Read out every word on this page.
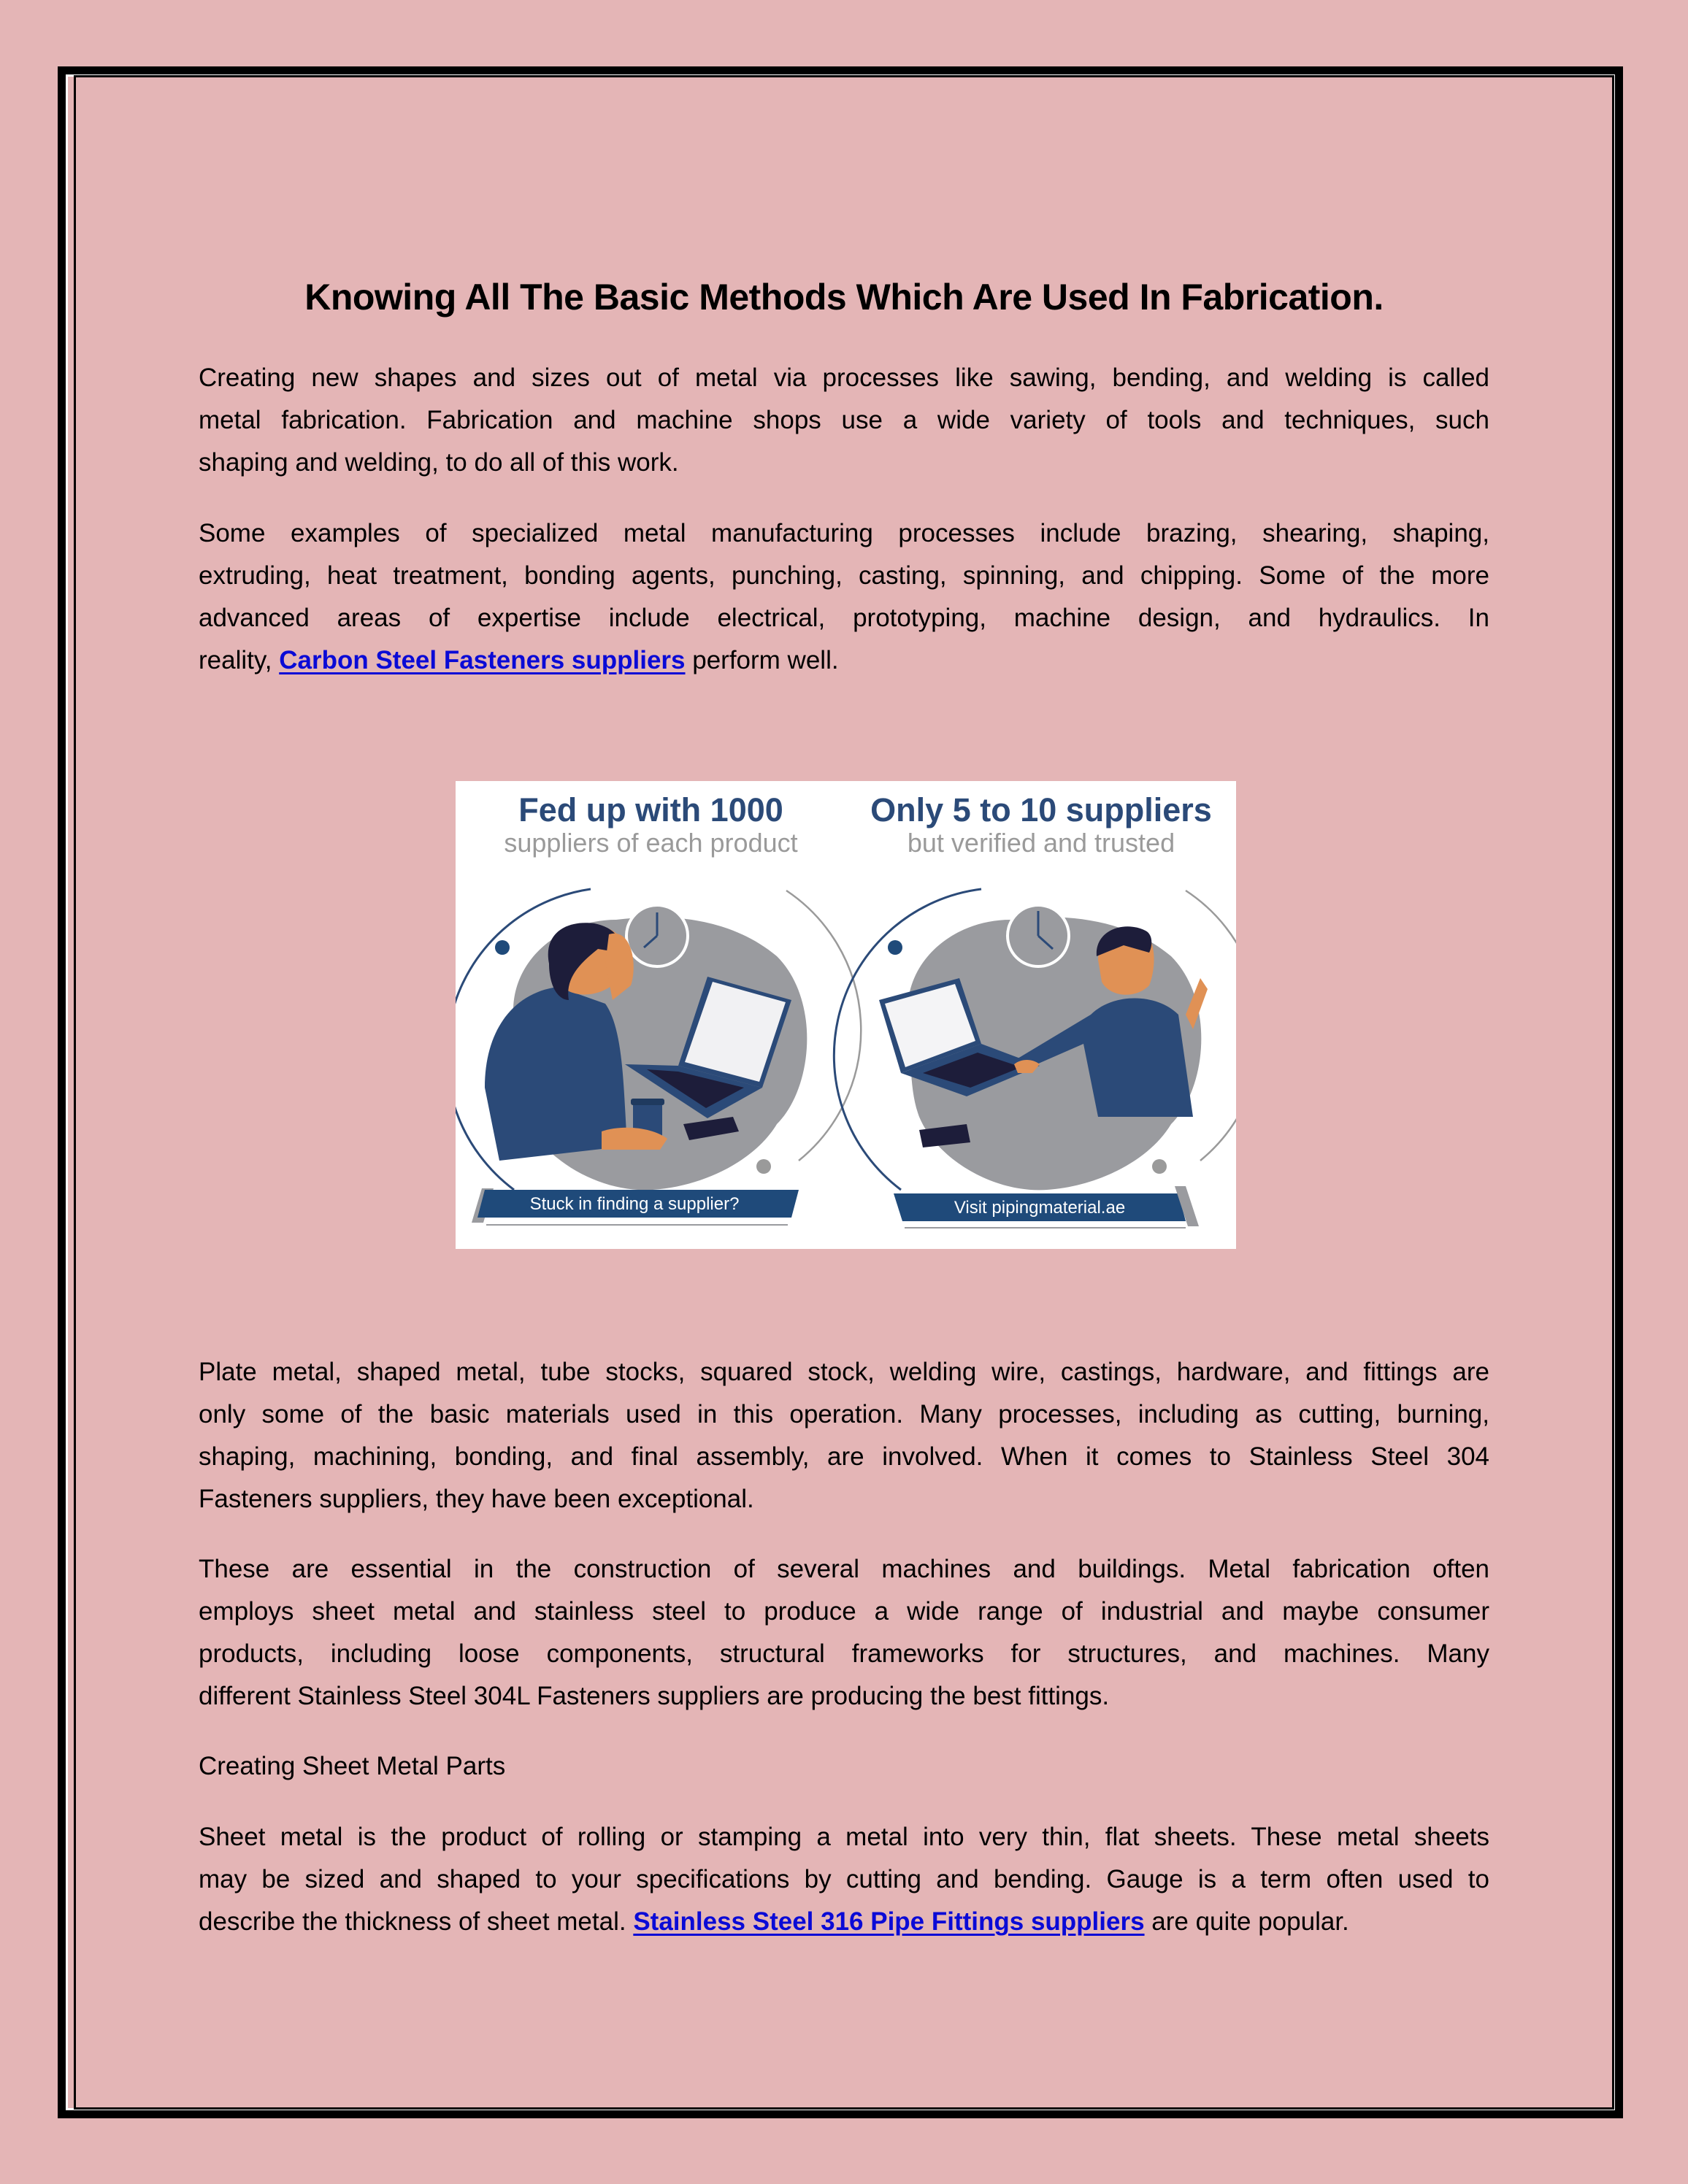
Knowing All The Basic Methods Which Are Used In Fabrication.
Creating new shapes and sizes out of metal via processes like sawing, bending, and welding is called
metal fabrication. Fabrication and machine shops use a wide variety of tools and techniques, such
shaping and welding, to do all of this work.
Some examples of specialized metal manufacturing processes include brazing, shearing, shaping,
extruding, heat treatment, bonding agents, punching, casting, spinning, and chipping. Some of the more
advanced areas of expertise include electrical, prototyping, machine design, and hydraulics. In
reality, Carbon Steel Fasteners suppliers perform well.
Fed up with 1000
suppliers of each product
Only 5 to 10 suppliers
but verified and trusted
Stuck in finding a supplier?	Visit pipingmaterial.ae
Plate metal, shaped metal, tube stocks, squared stock, welding wire, castings, hardware, and fittings are
only some of the basic materials used in this operation. Many processes, including as cutting, burning,
shaping, machining, bonding, and final assembly, are involved. When it comes to Stainless Steel 304
Fasteners suppliers, they have been exceptional.
These are essential in the construction of several machines and buildings. Metal fabrication often
employs sheet metal and stainless steel to produce a wide range of industrial and maybe consumer
products, including loose components, structural frameworks for structures, and machines. Many
different Stainless Steel 304L Fasteners suppliers are producing the best fittings.
Creating Sheet Metal Parts
Sheet metal is the product of rolling or stamping a metal into very thin, flat sheets. These metal sheets
may be sized and shaped to your specifications by cutting and bending. Gauge is a term often used to
describe the thickness of sheet metal. Stainless Steel 316 Pipe Fittings suppliers are quite popular.
